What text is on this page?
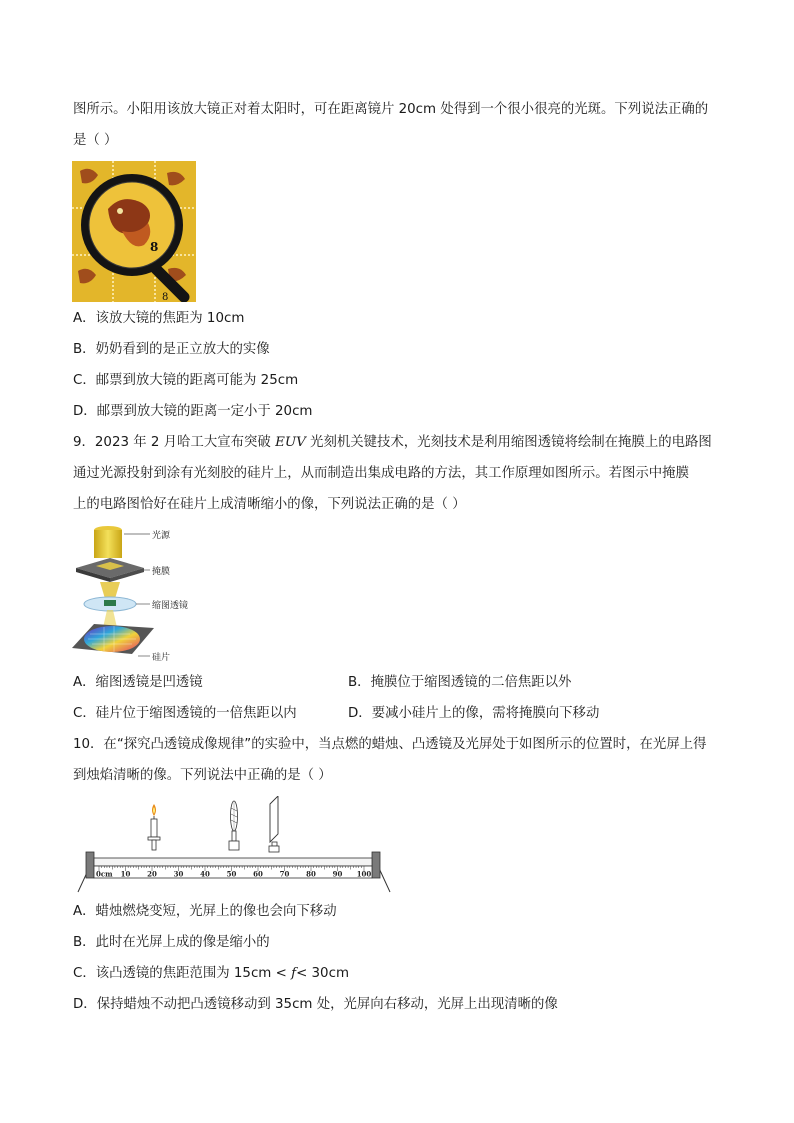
图所示。小阳用该放大镜正对着太阳时，可在距离镜片 20cm 处得到一个很小很亮的光斑。下列说法正确的
是（ ）
8
8
A．该放大镜的焦距为 10cm
B．奶奶看到的是正立放大的实像
C．邮票到放大镜的距离可能为 25cm
D．邮票到放大镜的距离一定小于 20cm
9．2023 年 2 月哈工大宣布突破 EUV 光刻机关键技术，光刻技术是利用缩图透镜将绘制在掩膜上的电路图
通过光源投射到涂有光刻胶的硅片上，从而制造出集成电路的方法，其工作原理如图所示。若图示中掩膜
上的电路图恰好在硅片上成清晰缩小的像，下列说法正确的是（ ）
光源
掩膜
缩图透镜
硅片
A．缩图透镜是凹透镜	B．掩膜位于缩图透镜的二倍焦距以外
C．硅片位于缩图透镜的一倍焦距以内	D．要减小硅片上的像，需将掩膜向下移动
10．在“探究凸透镜成像规律”的实验中，当点燃的蜡烛、凸透镜及光屏处于如图所示的位置时，在光屏上得
到烛焰清晰的像。下列说法中正确的是（ ）
0cm 10 20 30 40 50 60 70 80 90 100
A．蜡烛燃烧变短，光屏上的像也会向下移动
B．此时在光屏上成的像是缩小的
C．该凸透镜的焦距范围为 15cm < f< 30cm
D．保持蜡烛不动把凸透镜移动到 35cm 处，光屏向右移动，光屏上出现清晰的像
